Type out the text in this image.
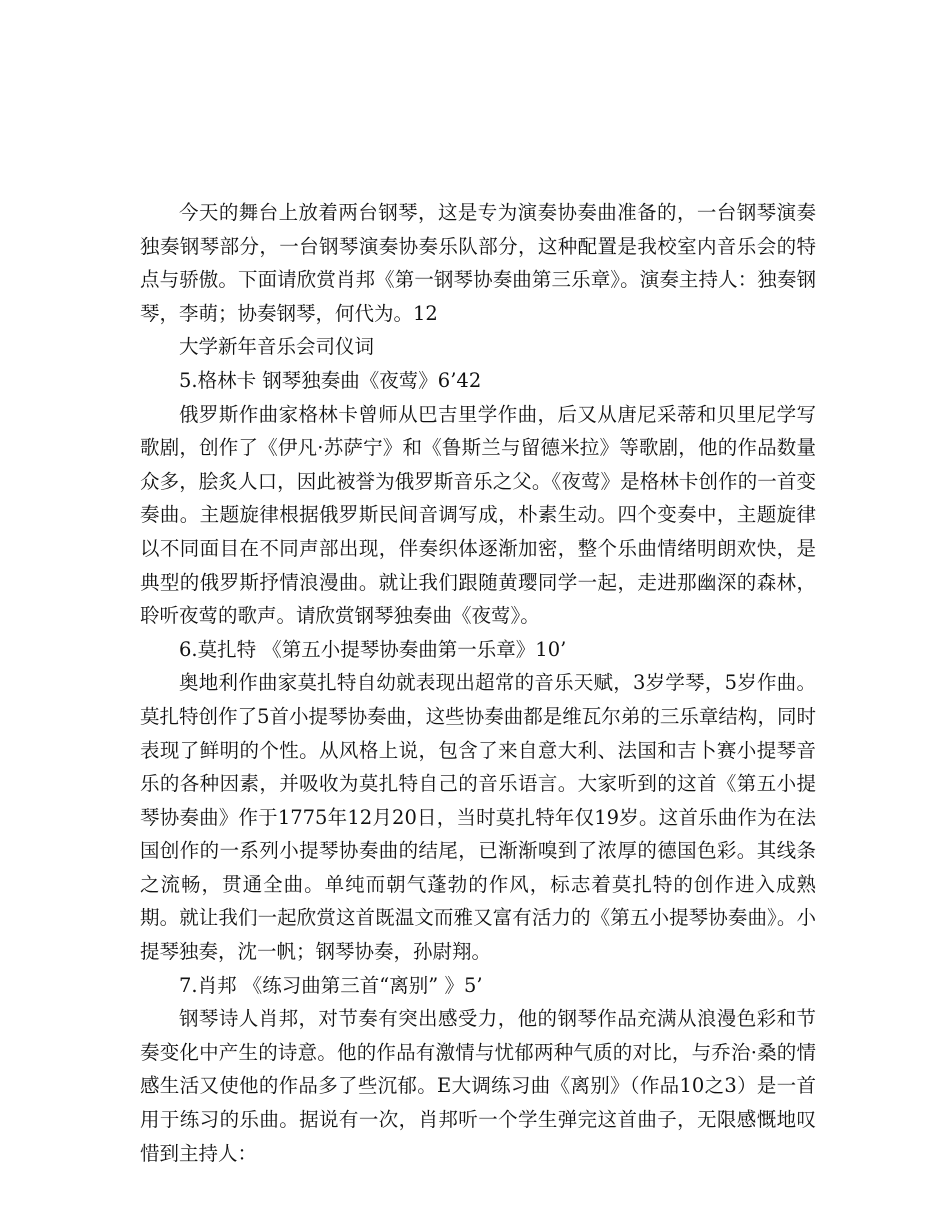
今天的舞台上放着两台钢琴，这是专为演奏协奏曲准备的，一台钢琴演奏独奏钢琴部分，一台钢琴演奏协奏乐队部分，这种配置是我校室内音乐会的特点与骄傲。下面请欣赏肖邦《第一钢琴协奏曲第三乐章》。演奏主持人：独奏钢琴，李萌；协奏钢琴，何代为。12

大学新年音乐会司仪词

5.格林卡 钢琴独奏曲《夜莺》6’42

俄罗斯作曲家格林卡曾师从巴吉里学作曲，后又从唐尼采蒂和贝里尼学写歌剧，创作了《伊凡·苏萨宁》和《鲁斯兰与留德米拉》等歌剧，他的作品数量众多，脍炙人口，因此被誉为俄罗斯音乐之父。《夜莺》是格林卡创作的一首变奏曲。主题旋律根据俄罗斯民间音调写成，朴素生动。四个变奏中，主题旋律以不同面目在不同声部出现，伴奏织体逐渐加密，整个乐曲情绪明朗欢快，是典型的俄罗斯抒情浪漫曲。就让我们跟随黄璎同学一起，走进那幽深的森林，聆听夜莺的歌声。请欣赏钢琴独奏曲《夜莺》。

6.莫扎特 《第五小提琴协奏曲第一乐章》10’

奥地利作曲家莫扎特自幼就表现出超常的音乐天赋，3岁学琴，5岁作曲。莫扎特创作了5首小提琴协奏曲，这些协奏曲都是维瓦尔弟的三乐章结构，同时表现了鲜明的个性。从风格上说，包含了来自意大利、法国和吉卜赛小提琴音乐的各种因素，并吸收为莫扎特自己的音乐语言。大家听到的这首《第五小提琴协奏曲》作于1775年12月20日，当时莫扎特年仅19岁。这首乐曲作为在法国创作的一系列小提琴协奏曲的结尾，已渐渐嗅到了浓厚的德国色彩。其线条之流畅，贯通全曲。单纯而朝气蓬勃的作风，标志着莫扎特的创作进入成熟期。就让我们一起欣赏这首既温文而雅又富有活力的《第五小提琴协奏曲》。小提琴独奏，沈一帆；钢琴协奏，孙尉翔。

7.肖邦 《练习曲第三首“离别” 》5’

钢琴诗人肖邦，对节奏有突出感受力，他的钢琴作品充满从浪漫色彩和节奏变化中产生的诗意。他的作品有激情与忧郁两种气质的对比，与乔治·桑的情感生活又使他的作品多了些沉郁。E大调练习曲《离别》（作品10之3）是一首用于练习的乐曲。据说有一次，肖邦听一个学生弹完这首曲子，无限感慨地叹惜到主持人：
